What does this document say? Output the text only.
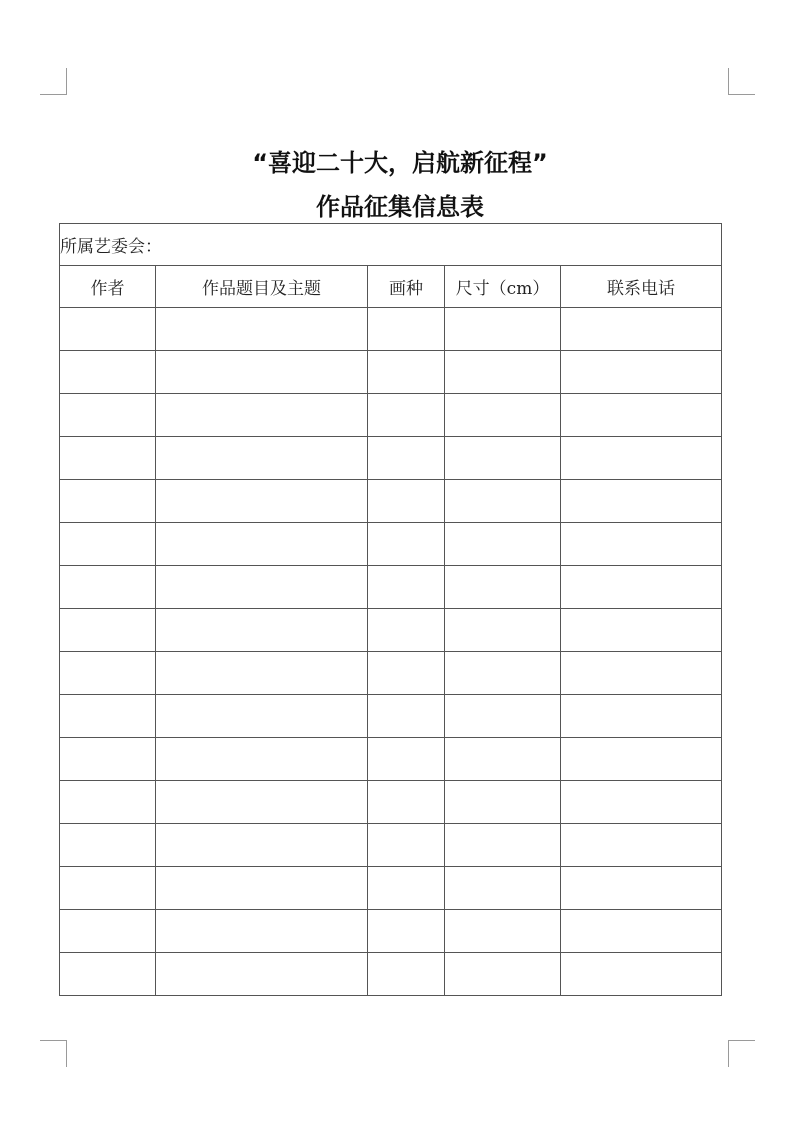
“喜迎二十大，启航新征程”
作品征集信息表
所属艺委会：				
作者	作品题目及主题	画种	尺寸（cm）	联系电话
